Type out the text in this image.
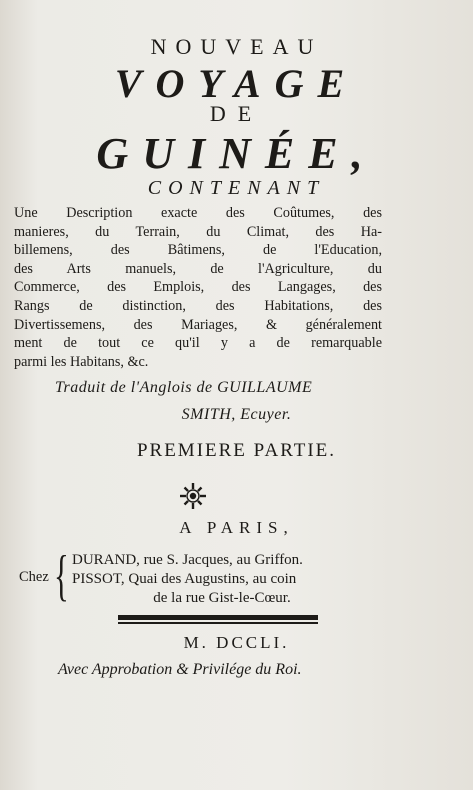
NOUVEAU
VOYAGE
DE
GUINÉE,
CONTENANT
Une Description exacte des Coûtumes, des
manieres, du Terrain, du Climat, des Ha-
billemens, des Bâtimens, de l'Education,
des Arts manuels, de l'Agriculture, du
Commerce, des Emplois, des Langages, des
Rangs de distinction, des Habitations, des
Divertissemens, des Mariages, & généralement
ment de tout ce qu'il y a de remarquable
parmi les Habitans, &c.
Traduit de l'Anglois de GUILLAUME
SMITH, Ecuyer.
PREMIERE PARTIE.
A PARIS,
Chez { DURAND, rue S. Jacques, au Griffon.
PISSOT, Quai des Augustins, au coin
de la rue Gist-le-Cœur.
M. DCCLI.
Avec Approbation & Privilége du Roi.
